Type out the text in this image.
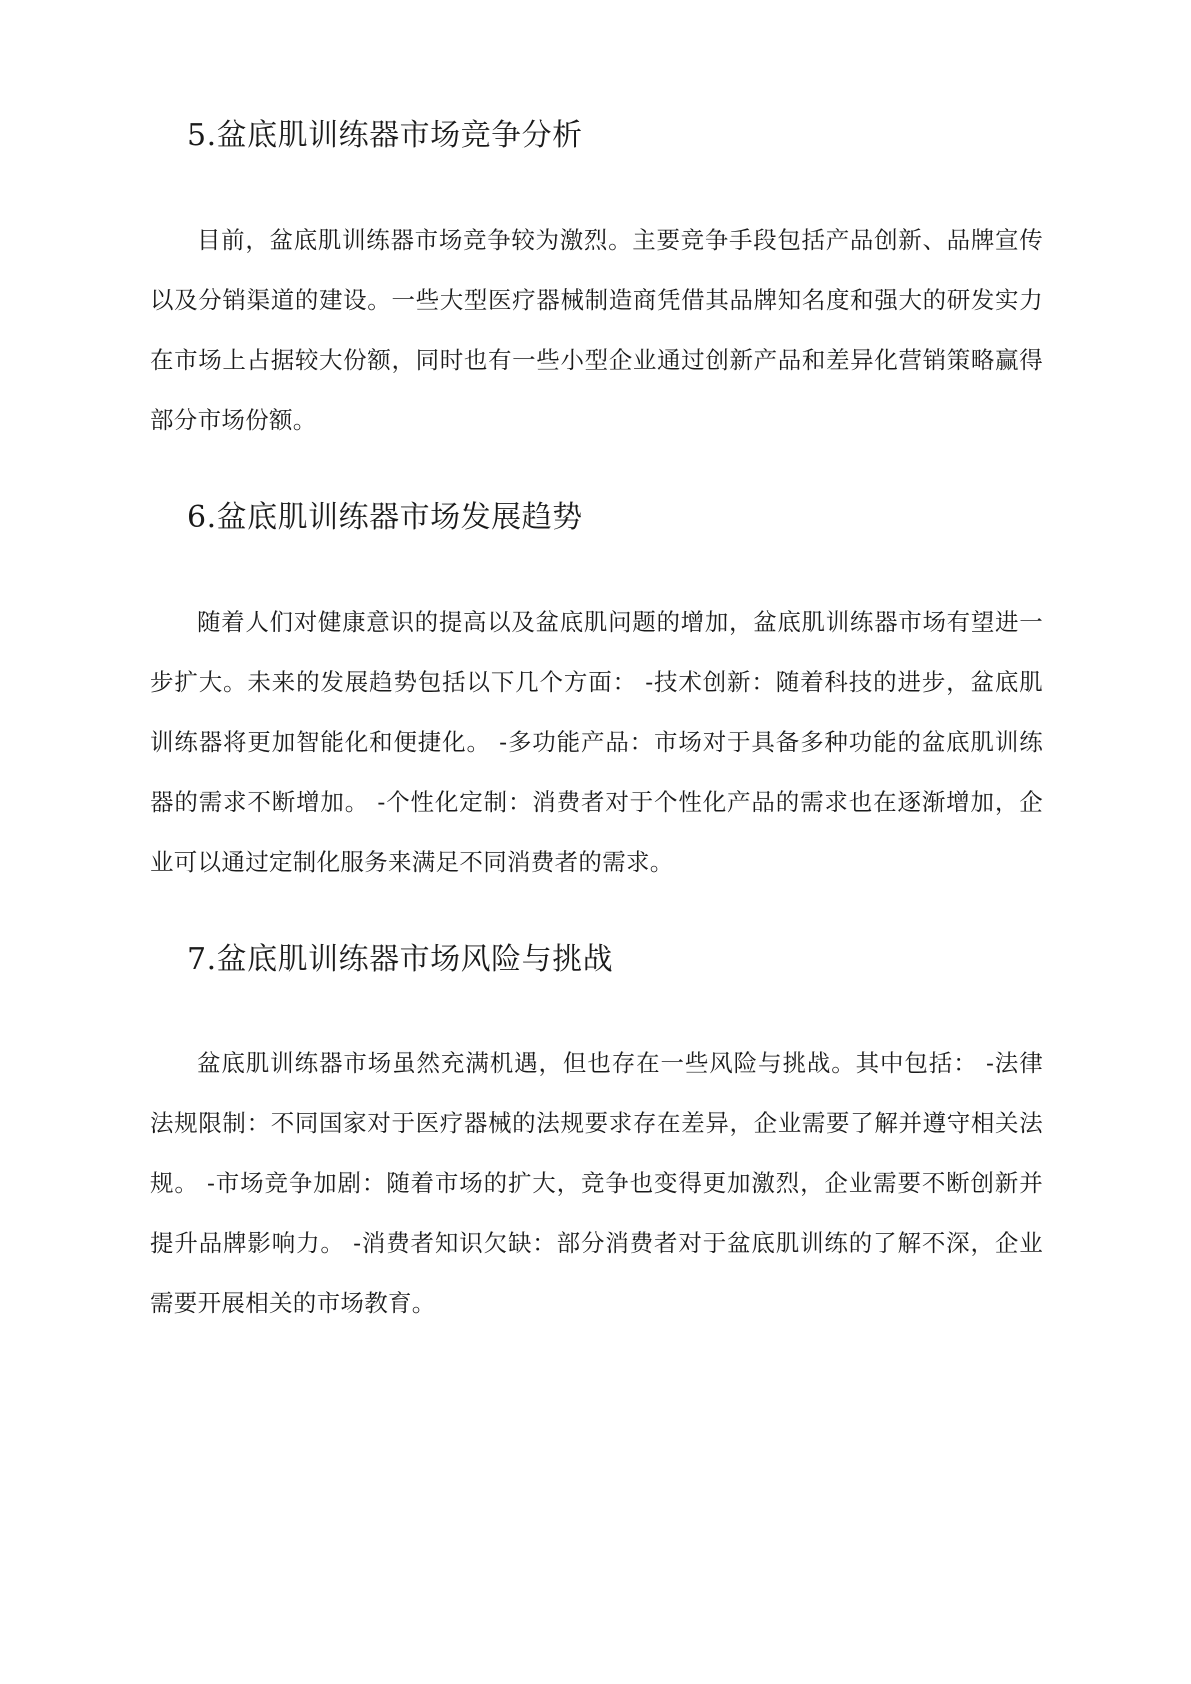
5.盆底肌训练器市场竞争分析

目前，盆底肌训练器市场竞争较为激烈。主要竞争手段包括产品创新、品牌宣传以及分销渠道的建设。一些大型医疗器械制造商凭借其品牌知名度和强大的研发实力在市场上占据较大份额，同时也有一些小型企业通过创新产品和差异化营销策略赢得部分市场份额。

6.盆底肌训练器市场发展趋势

随着人们对健康意识的提高以及盆底肌问题的增加，盆底肌训练器市场有望进一步扩大。未来的发展趋势包括以下几个方面： -技术创新：随着科技的进步，盆底肌训练器将更加智能化和便捷化。 -多功能产品：市场对于具备多种功能的盆底肌训练器的需求不断增加。 -个性化定制：消费者对于个性化产品的需求也在逐渐增加，企业可以通过定制化服务来满足不同消费者的需求。

7.盆底肌训练器市场风险与挑战

盆底肌训练器市场虽然充满机遇，但也存在一些风险与挑战。其中包括： -法律法规限制：不同国家对于医疗器械的法规要求存在差异，企业需要了解并遵守相关法规。 -市场竞争加剧：随着市场的扩大，竞争也变得更加激烈，企业需要不断创新并提升品牌影响力。 -消费者知识欠缺：部分消费者对于盆底肌训练的了解不深，企业需要开展相关的市场教育。
